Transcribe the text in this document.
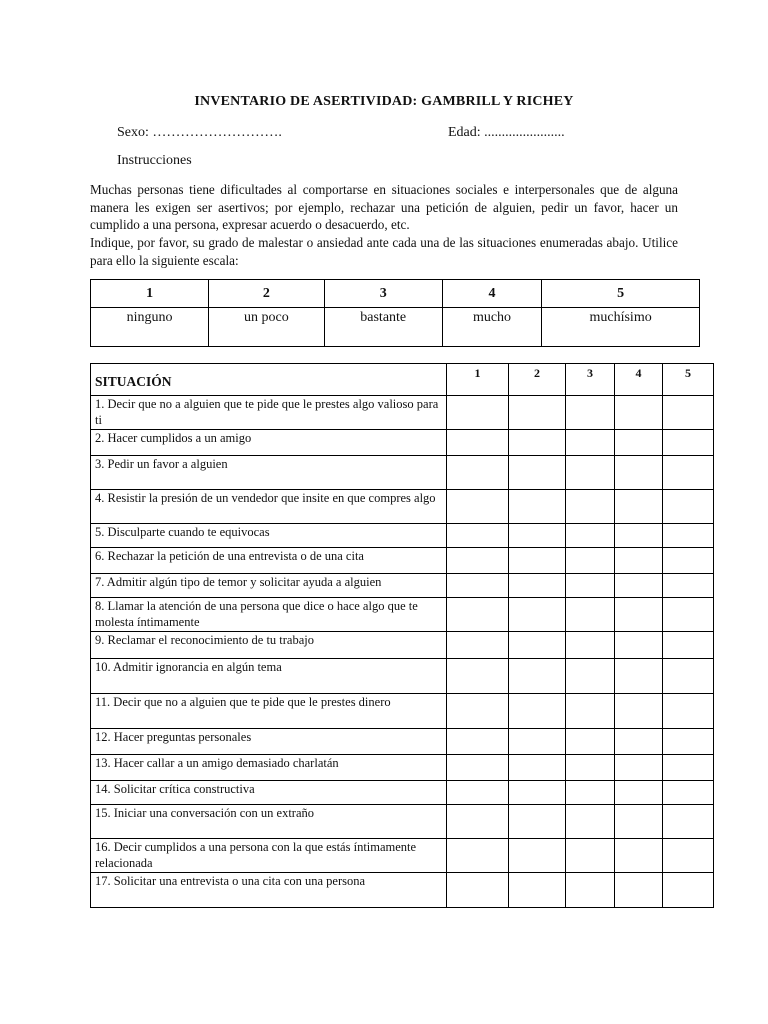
INVENTARIO DE ASERTIVIDAD: GAMBRILL Y RICHEY
Sexo: ……………………….	Edad: .......................
Instrucciones
Muchas personas tiene dificultades al comportarse en situaciones sociales e interpersonales que de alguna manera les exigen ser asertivos; por ejemplo, rechazar una petición de alguien, pedir un favor, hacer un cumplido a una persona, expresar acuerdo o desacuerdo, etc.
Indique, por favor, su grado de malestar o ansiedad ante cada una de las situaciones enumeradas abajo. Utilice para ello la siguiente escala:
1	2	3	4	5
ninguno	un poco	bastante	mucho	muchísimo
SITUACIÓN	1	2	3	4	5
1. Decir que no a alguien que te pide que le prestes algo valioso para ti					
2. Hacer cumplidos a un amigo					
3. Pedir un favor a alguien					
4. Resistir la presión de un vendedor que insite en que compres algo					
5. Disculparte cuando te equivocas					
6. Rechazar la petición de una entrevista o de una cita					
7. Admitir algún tipo de temor y solicitar ayuda a alguien					
8. Llamar la atención de una persona que dice o hace algo que te molesta íntimamente					
9. Reclamar el reconocimiento de tu trabajo					
10. Admitir ignorancia en algún tema					
11. Decir que no a alguien que te pide que le prestes dinero					
12. Hacer preguntas personales					
13. Hacer callar a un amigo demasiado charlatán					
14. Solicitar crítica constructiva					
15. Iniciar una conversación con un extraño					
16. Decir cumplidos a una persona con la que estás íntimamente relacionada					
17. Solicitar una entrevista o una cita con una persona					
